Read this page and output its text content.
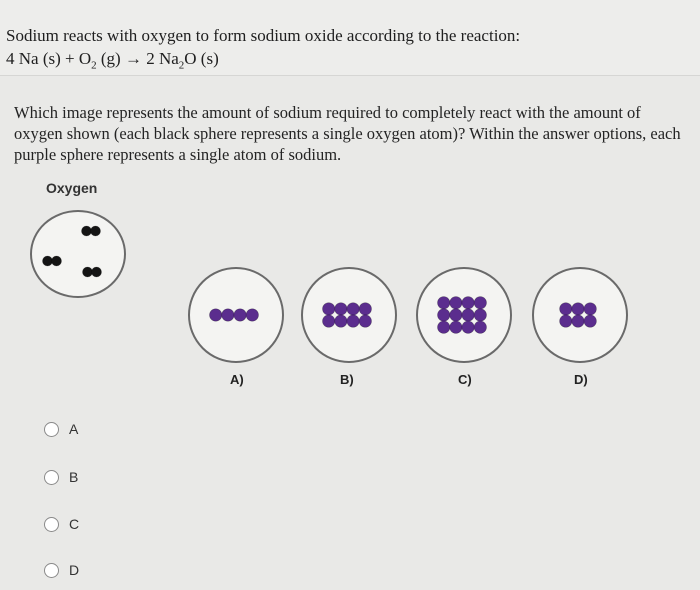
Sodium reacts with oxygen to form sodium oxide according to the reaction:
4 Na $(s) + O_2$ (g) → 2 $Na_2O$ (s)
Which image represents the amount of sodium required to completely react with the amount of oxygen shown (each black sphere represents a single oxygen atom)? Within the answer options, each purple sphere represents a single atom of sodium.
Oxygen
A)	B)	C)	D)
A
B
C
D
